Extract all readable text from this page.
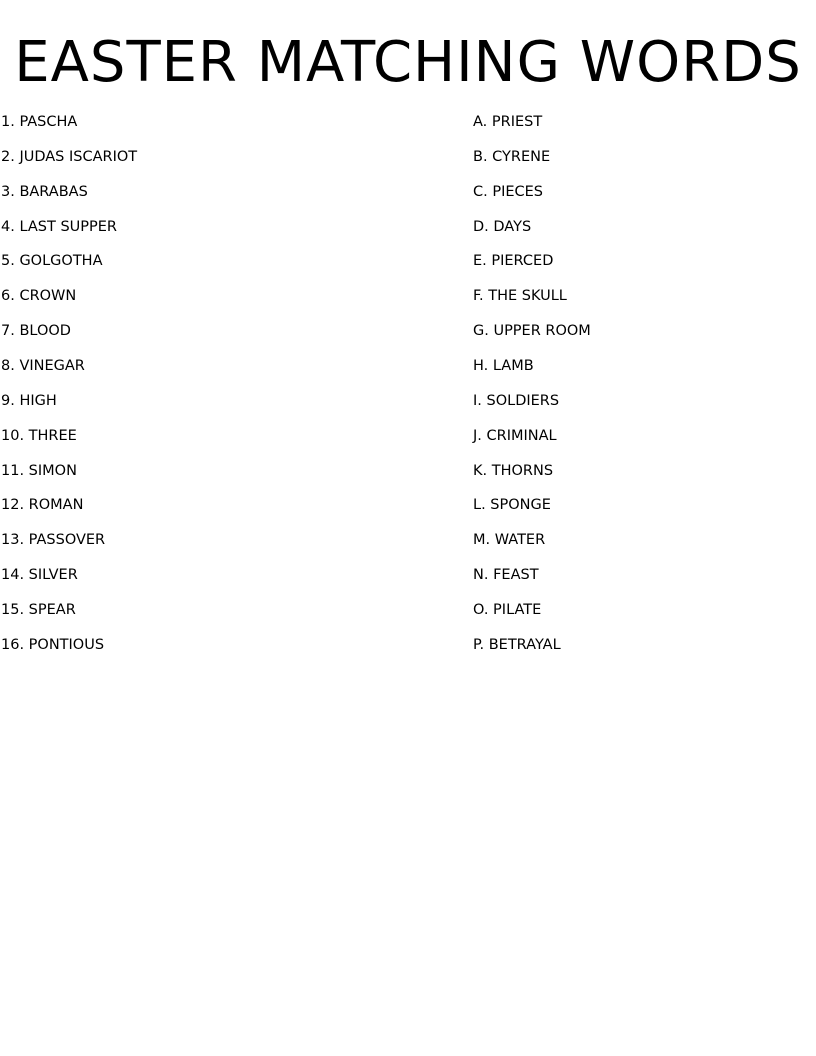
EASTER MATCHING WORDS
1. PASCHA
2. JUDAS ISCARIOT
3. BARABAS
4. LAST SUPPER
5. GOLGOTHA
6. CROWN
7. BLOOD
8. VINEGAR
9. HIGH
10. THREE
11. SIMON
12. ROMAN
13. PASSOVER
14. SILVER
15. SPEAR
16. PONTIOUS
A. PRIEST
B. CYRENE
C. PIECES
D. DAYS
E. PIERCED
F. THE SKULL
G. UPPER ROOM
H. LAMB
I. SOLDIERS
J. CRIMINAL
K. THORNS
L. SPONGE
M. WATER
N. FEAST
O. PILATE
P. BETRAYAL
